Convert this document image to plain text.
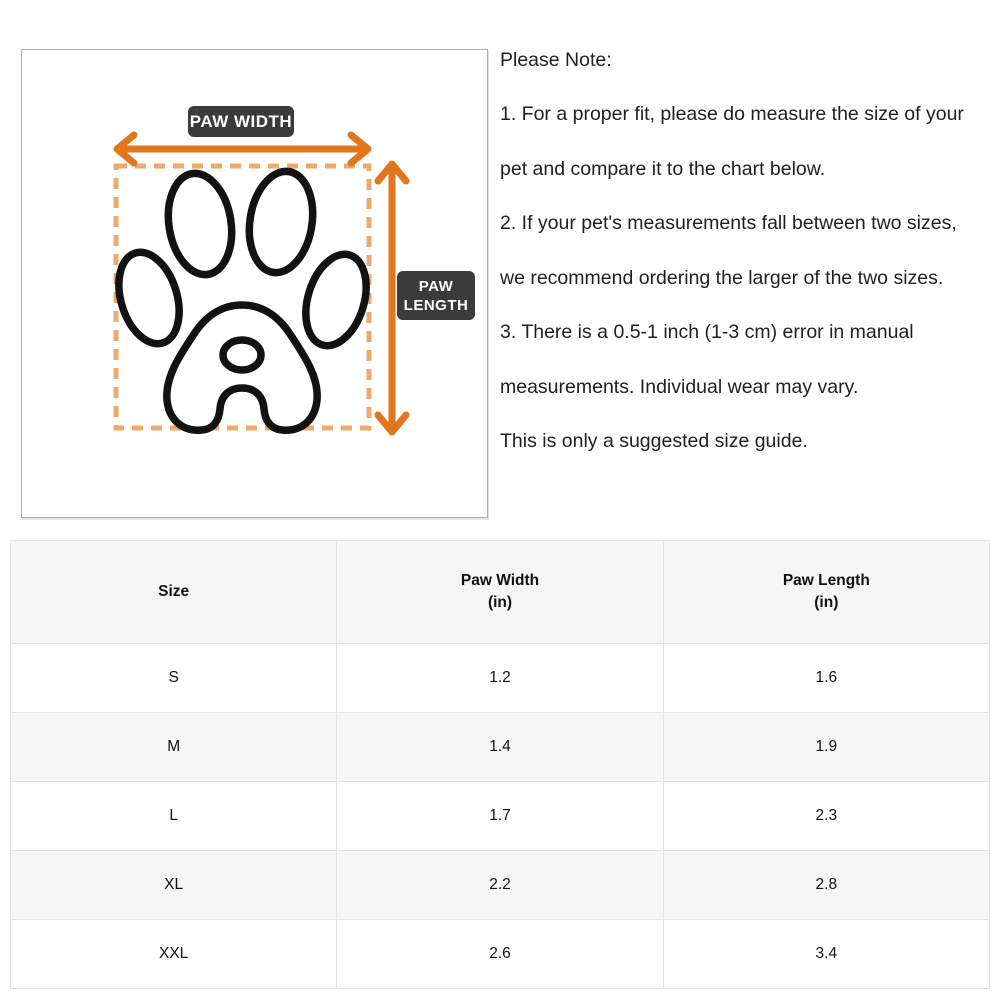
PAW WIDTH
PAW
LENGTH
Please Note:
1. For a proper fit, please do measure the size of your
pet and compare it to the chart below.
2. If your pet's measurements fall between two sizes,
we recommend ordering the larger of the two sizes.
3. There is a 0.5-1 inch (1-3 cm) error in manual
measurements. Individual wear may vary.
This is only a suggested size guide.
Size	
Paw Width
(in)

Paw Length
(in)

S	1.2	1.6
M	1.4	1.9
L	1.7	2.3
XL	2.2	2.8
XXL	2.6	3.4
